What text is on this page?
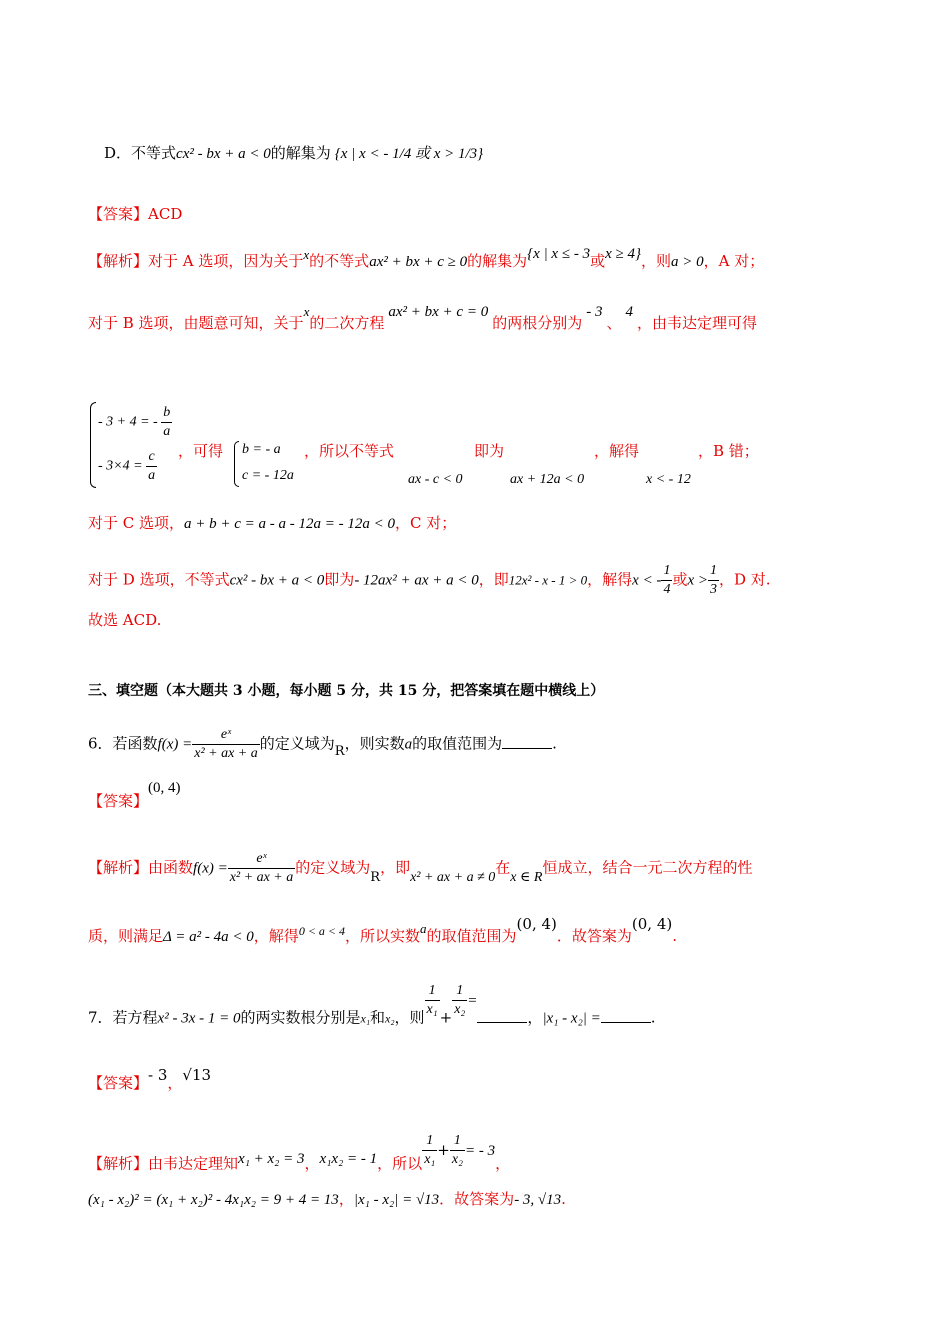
D．不等式cx² - bx + a < 0的解集为 {x | x < - 1/4 或 x > 1/3}
【答案】ACD
【解析】对于 A 选项，因为关于x的不等式ax² + bx + c ≥ 0的解集为{x | x ≤ - 3或x ≥ 4}，则a > 0，A 对；
对于 B 选项，由题意可知，关于x的二次方程ax² + bx + c = 0的两根分别为- 3、4，由韦达定理可得
- 3 + 4 = - $\frac{b}{a}$
- $3\times 4 = \frac{c}{a}$ ，可得 b = - a
c = - 12a
，所以不等式
ax - c < 0
即为
ax + 12a < 0
，解得
x < - 12
，B 错；
对于 C 选项，a + b + c = a - a - 12a = - 12a < 0，C 对；
对于 D 选项，不等式cx² - bx + a < 0即为- 12ax² + ax + a < 0，即12x² - x - 1 > 0，解得x < - $\frac{1}{4}$ 或$x > \frac{1}{3}$ ，D 对.
故选 ACD.
三、填空题（本大题共 3 小题，每小题 5 分，共 15 分，把答案填在题中横线上）
6．若函数$f(x) = \frac{\text{eˣ}}{\text{x² + ax + a}}$ 的定义域为R，则实数a的取值范围为	.
【答案】(0, 4)
【解析】由函数$f(x) = \frac{\text{eˣ}}{\text{x² + ax + a}}$ 的定义域为R，即x² + ax + a ≠ 0在x ∈ R恒成立，结合一元二次方程的性
质，则满足Δ = a² - 4a < 0，解得$^{0 < a < 4}$，所以实数a的取值范围为(0, 4)．故答案为(0, 4).
7．若方程x² - 3x - 1 = 0的两实数根分别是x₁和x₂，则 $\frac{1}{\text{x₁}} + \frac{1}{\text{x₂}}$ =，|x₁ - x₂| =	.
【答案】- 3，√13
【解析】由韦达定理知x₁ + x₂ = 3，x₁x₂ = - 1，所以 $\frac{1}{\text{x₁}} + \frac{1}{\text{x₂}}$ = - 3，
(x₁ - x₂)² = (x₁ + x₂)² - 4x₁x₂ = 9 + 4 = 13，|x₁ - x₂| = √13．故答案为- 3, √13.
